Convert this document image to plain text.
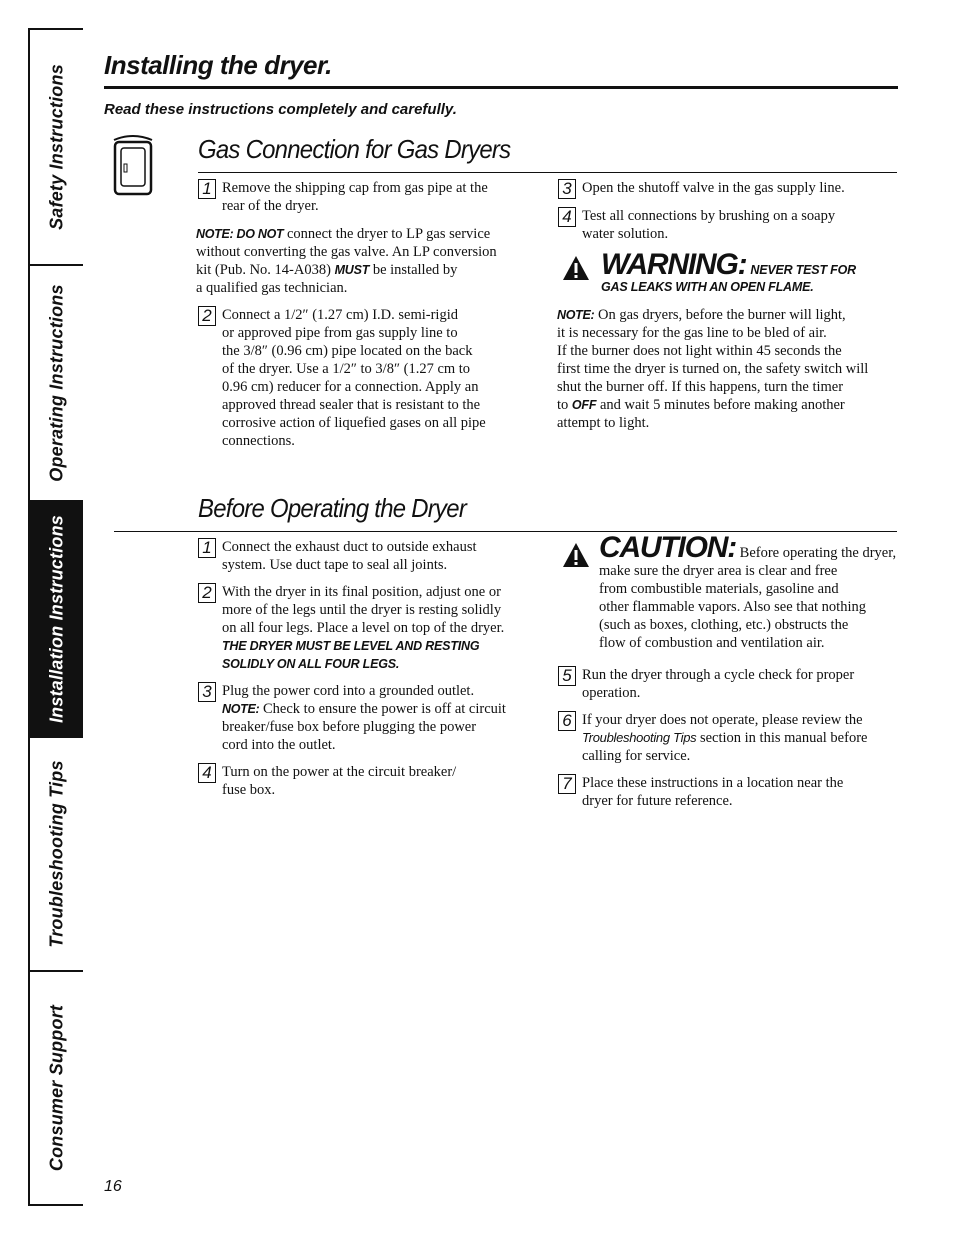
Safety Instructions
Operating Instructions
Installation Instructions
Troubleshooting Tips
Consumer Support
Installing the dryer.
Read these instructions completely and carefully.
Gas Connection for Gas Dryers
1 Remove the shipping cap from gas pipe at the
rear of the dryer.
NOTE: DO NOT connect the dryer to LP gas service
without converting the gas valve. An LP conversion
kit (Pub. No. 14-A038) MUST be installed by
a qualified gas technician.
2 Connect a 1/2″ (1.27 cm) I.D. semi-rigid
or approved pipe from gas supply line to
the 3/8″ (0.96 cm) pipe located on the back
of the dryer. Use a 1/2″ to 3/8″ (1.27 cm to
0.96 cm) reducer for a connection. Apply an
approved thread sealer that is resistant to the
corrosive action of liquefied gases on all pipe
connections.
3 Open the shutoff valve in the gas supply line.
4 Test all connections by brushing on a soapy
water solution.
WARNING: NEVER TEST FOR
GAS LEAKS WITH AN OPEN FLAME.
NOTE: On gas dryers, before the burner will light,
it is necessary for the gas line to be bled of air.
If the burner does not light within 45 seconds the
first time the dryer is turned on, the safety switch will
shut the burner off. If this happens, turn the timer
to OFF and wait 5 minutes before making another
attempt to light.
Before Operating the Dryer
1 Connect the exhaust duct to outside exhaust
system. Use duct tape to seal all joints.
2 With the dryer in its final position, adjust one or
more of the legs until the dryer is resting solidly
on all four legs. Place a level on top of the dryer.
THE DRYER MUST BE LEVEL AND RESTING
SOLIDLY ON ALL FOUR LEGS.
3 Plug the power cord into a grounded outlet.
NOTE: Check to ensure the power is off at circuit
breaker/fuse box before plugging the power
cord into the outlet.
4 Turn on the power at the circuit breaker/
fuse box.
CAUTION: Before operating the dryer,
make sure the dryer area is clear and free
from combustible materials, gasoline and
other flammable vapors. Also see that nothing
(such as boxes, clothing, etc.) obstructs the
flow of combustion and ventilation air.
5 Run the dryer through a cycle check for proper
operation.
6 If your dryer does not operate, please review the
Troubleshooting Tips section in this manual before
calling for service.
7 Place these instructions in a location near the
dryer for future reference.
16
